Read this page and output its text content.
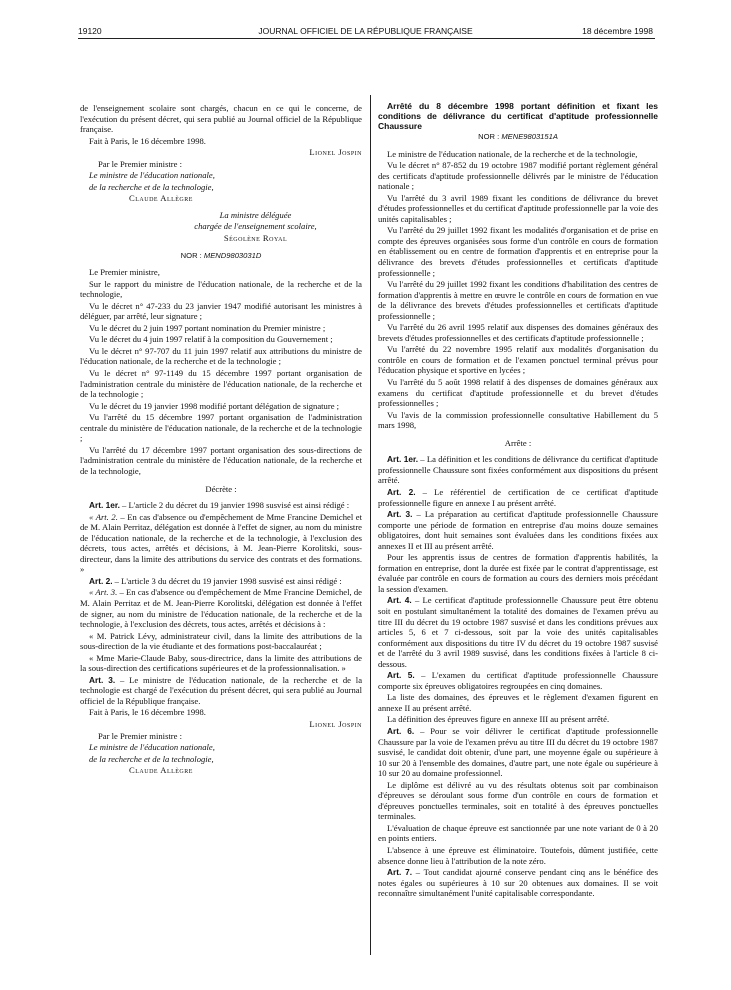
19120	JOURNAL OFFICIEL DE LA RÉPUBLIQUE FRANÇAISE	18 décembre 1998

de l'enseignement scolaire sont chargés, chacun en ce qui le concerne, de l'exécution du présent décret, qui sera publié au Journal officiel de la République française.

Fait à Paris, le 16 décembre 1998.

Lionel Jospin

Par le Premier ministre :

Le ministre de l'éducation nationale,

de la recherche et de la technologie,

Claude Allègre

La ministre déléguée

chargée de l'enseignement scolaire,

Ségolène Royal

NOR : MEND9803031D

Le Premier ministre,

Sur le rapport du ministre de l'éducation nationale, de la recherche et de la technologie,

Vu le décret n° 47-233 du 23 janvier 1947 modifié autorisant les ministres à déléguer, par arrêté, leur signature ;

Vu le décret du 2 juin 1997 portant nomination du Premier ministre ;

Vu le décret du 4 juin 1997 relatif à la composition du Gouvernement ;

Vu le décret n° 97-707 du 11 juin 1997 relatif aux attributions du ministre de l'éducation nationale, de la recherche et de la technologie ;

Vu le décret n° 97-1149 du 15 décembre 1997 portant organisation de l'administration centrale du ministère de l'éducation nationale, de la recherche et de la technologie ;

Vu le décret du 19 janvier 1998 modifié portant délégation de signature ;

Vu l'arrêté du 15 décembre 1997 portant organisation de l'administration centrale du ministère de l'éducation nationale, de la recherche et de la technologie ;

Vu l'arrêté du 17 décembre 1997 portant organisation des sous-directions de l'administration centrale du ministère de l'éducation nationale, de la recherche et de la technologie,

Décrète :

Art. 1er. – L'article 2 du décret du 19 janvier 1998 susvisé est ainsi rédigé :

« Art. 2. – En cas d'absence ou d'empêchement de Mme Francine Demichel et de M. Alain Perritaz, délégation est donnée à l'effet de signer, au nom du ministre de l'éducation nationale, de la recherche et de la technologie, à l'exclusion des décrets, tous actes, arrêtés et décisions, à M. Jean-Pierre Korolitski, sous-directeur, dans la limite des attributions du service des contrats et des formations. »

Art. 2. – L'article 3 du décret du 19 janvier 1998 susvisé est ainsi rédigé :

« Art. 3. – En cas d'absence ou d'empêchement de Mme Francine Demichel, de M. Alain Perritaz et de M. Jean-Pierre Korolitski, délégation est donnée à l'effet de signer, au nom du ministre de l'éducation nationale, de la recherche et de la technologie, à l'exclusion des décrets, tous actes, arrêtés et décisions à :

« M. Patrick Lévy, administrateur civil, dans la limite des attributions de la sous-direction de la vie étudiante et des formations post-baccalauréat ;

« Mme Marie-Claude Baby, sous-directrice, dans la limite des attributions de la sous-direction des certifications supérieures et de la professionnalisation. »

Art. 3. – Le ministre de l'éducation nationale, de la recherche et de la technologie est chargé de l'exécution du présent décret, qui sera publié au Journal officiel de la République française.

Fait à Paris, le 16 décembre 1998.

Lionel Jospin

Par le Premier ministre :

Le ministre de l'éducation nationale,

de la recherche et de la technologie,

Claude Allègre

Arrêté du 8 décembre 1998 portant définition et fixant les conditions de délivrance du certificat d'aptitude professionnelle Chaussure

NOR : MENE9803151A

Le ministre de l'éducation nationale, de la recherche et de la technologie,

Vu le décret n° 87-852 du 19 octobre 1987 modifié portant règlement général des certificats d'aptitude professionnelle délivrés par le ministre de l'éducation nationale ;

Vu l'arrêté du 3 avril 1989 fixant les conditions de délivrance du brevet d'études professionnelles et du certificat d'aptitude professionnelle par la voie des unités capitalisables ;

Vu l'arrêté du 29 juillet 1992 fixant les modalités d'organisation et de prise en compte des épreuves organisées sous forme d'un contrôle en cours de formation en établissement ou en centre de formation d'apprentis et en entreprise pour la délivrance des brevets d'études professionnelles et certificats d'aptitude professionnelle ;

Vu l'arrêté du 29 juillet 1992 fixant les conditions d'habilitation des centres de formation d'apprentis à mettre en œuvre le contrôle en cours de formation en vue de la délivrance des brevets d'études professionnelles et certificats d'aptitude professionnelle ;

Vu l'arrêté du 26 avril 1995 relatif aux dispenses des domaines généraux des brevets d'études professionnelles et des certificats d'aptitude professionnelle ;

Vu l'arrêté du 22 novembre 1995 relatif aux modalités d'organisation du contrôle en cours de formation et de l'examen ponctuel terminal prévus pour l'éducation physique et sportive en lycées ;

Vu l'arrêté du 5 août 1998 relatif à des dispenses de domaines généraux aux examens du certificat d'aptitude professionnelle et du brevet d'études professionnelles ;

Vu l'avis de la commission professionnelle consultative Habillement du 5 mars 1998,

Arrête :

Art. 1er. – La définition et les conditions de délivrance du certificat d'aptitude professionnelle Chaussure sont fixées conformément aux dispositions du présent arrêté.

Art. 2. – Le référentiel de certification de ce certificat d'aptitude professionnelle figure en annexe I au présent arrêté.

Art. 3. – La préparation au certificat d'aptitude professionnelle Chaussure comporte une période de formation en entreprise d'au moins douze semaines obligatoires, dont huit semaines sont évaluées dans les conditions fixées aux annexes II et III au présent arrêté.

Pour les apprentis issus de centres de formation d'apprentis habilités, la formation en entreprise, dont la durée est fixée par le contrat d'apprentissage, est évaluée par contrôle en cours de formation au cours des derniers mois précédant la session d'examen.

Art. 4. – Le certificat d'aptitude professionnelle Chaussure peut être obtenu soit en postulant simultanément la totalité des domaines de l'examen prévu au titre III du décret du 19 octobre 1987 susvisé et dans les conditions prévues aux articles 5, 6 et 7 ci-dessous, soit par la voie des unités capitalisables conformément aux dispositions du titre IV du décret du 19 octobre 1987 susvisé et de l'arrêté du 3 avril 1989 susvisé, dans les conditions fixées à l'article 8 ci-dessous.

Art. 5. – L'examen du certificat d'aptitude professionnelle Chaussure comporte six épreuves obligatoires regroupées en cinq domaines.

La liste des domaines, des épreuves et le règlement d'examen figurent en annexe II au présent arrêté.

La définition des épreuves figure en annexe III au présent arrêté.

Art. 6. – Pour se voir délivrer le certificat d'aptitude professionnelle Chaussure par la voie de l'examen prévu au titre III du décret du 19 octobre 1987 susvisé, le candidat doit obtenir, d'une part, une moyenne égale ou supérieure à 10 sur 20 à l'ensemble des domaines, d'autre part, une note égale ou supérieure à 10 sur 20 au domaine professionnel.

Le diplôme est délivré au vu des résultats obtenus soit par combinaison d'épreuves se déroulant sous forme d'un contrôle en cours de formation et d'épreuves ponctuelles terminales, soit en totalité à des épreuves ponctuelles terminales.

L'évaluation de chaque épreuve est sanctionnée par une note variant de 0 à 20 en points entiers.

L'absence à une épreuve est éliminatoire. Toutefois, dûment justifiée, cette absence donne lieu à l'attribution de la note zéro.

Art. 7. – Tout candidat ajourné conserve pendant cinq ans le bénéfice des notes égales ou supérieures à 10 sur 20 obtenues aux domaines. Il se voit reconnaître simultanément l'unité capitalisable correspondante.
